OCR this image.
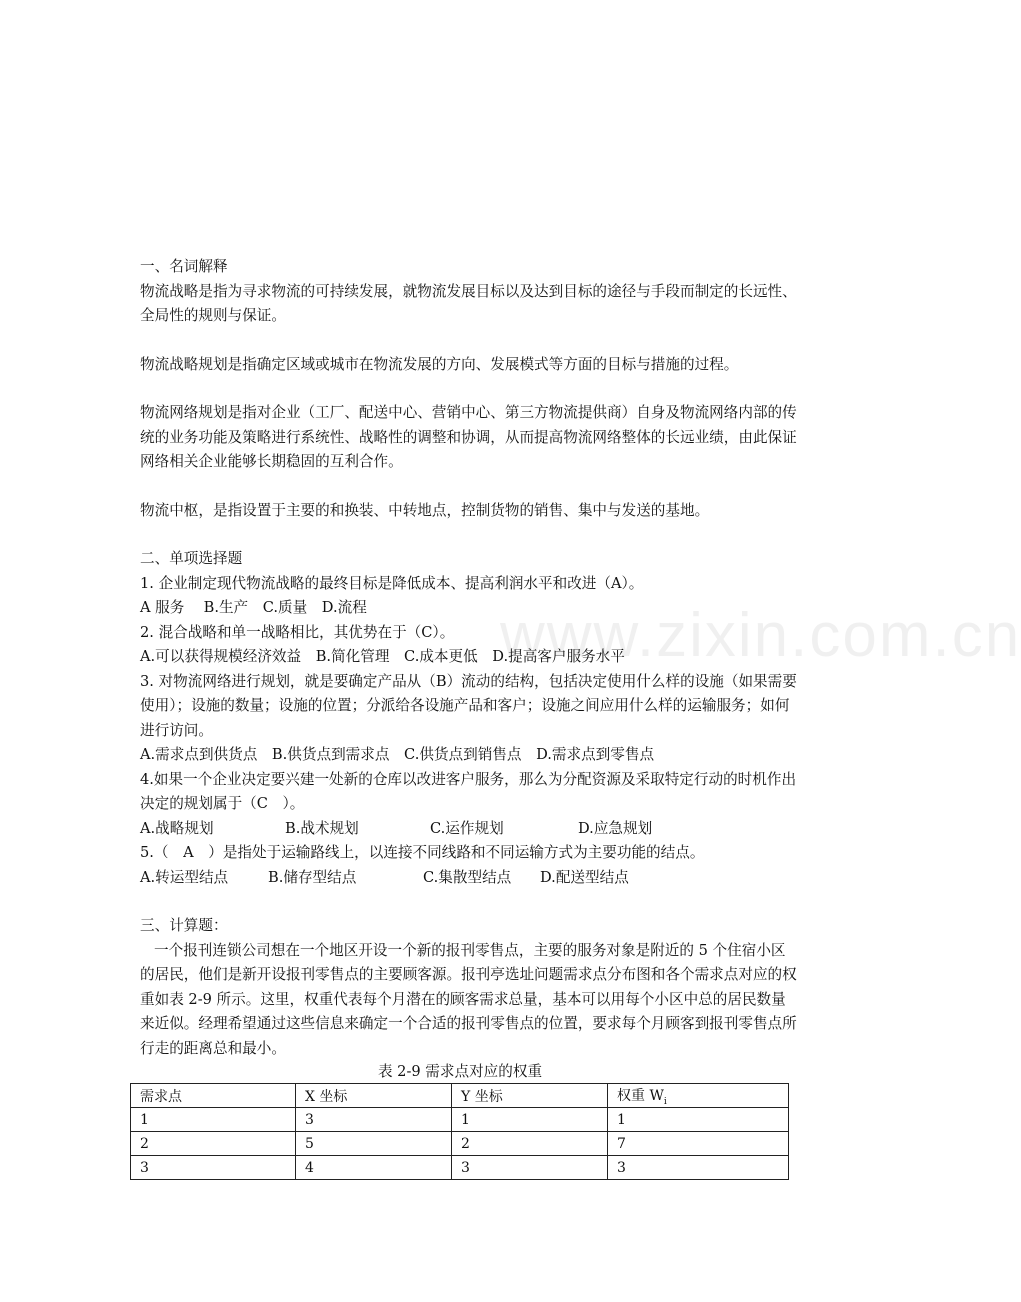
www.zixin.com.cn
一、名词解释
物流战略是指为寻求物流的可持续发展，就物流发展目标以及达到目标的途径与手段而制定的长远性、全局性的规则与保证。
物流战略规划是指确定区域或城市在物流发展的方向、发展模式等方面的目标与措施的过程。
物流网络规划是指对企业（工厂、配送中心、营销中心、第三方物流提供商）自身及物流网络内部的传统的业务功能及策略进行系统性、战略性的调整和协调，从而提高物流网络整体的长远业绩，由此保证网络相关企业能够长期稳固的互利合作。
物流中枢，是指设置于主要的和换装、中转地点，控制货物的销售、集中与发送的基地。
二、单项选择题
1. 企业制定现代物流战略的最终目标是降低成本、提高利润水平和改进（A）。
A 服务　 B.生产　C.质量　D.流程
2. 混合战略和单一战略相比，其优势在于（C）。
A.可以获得规模经济效益　B.简化管理　C.成本更低　D.提高客户服务水平
3. 对物流网络进行规划，就是要确定产品从（B）流动的结构，包括决定使用什么样的设施（如果需要使用）；设施的数量；设施的位置；分派给各设施产品和客户；设施之间应用什么样的运输服务；如何进行访问。
A.需求点到供货点　B.供货点到需求点　C.供货点到销售点　D.需求点到零售点
4.如果一个企业决定要兴建一处新的仓库以改进客户服务，那么为分配资源及采取特定行动的时机作出决定的规划属于（C　）。
A.战略规划	B.战术规划	C.运作规划	D.应急规划
5.（　A　）是指处于运输路线上，以连接不同线路和不同运输方式为主要功能的结点。
A.转运型结点	B.储存型结点	C.集散型结点	D.配送型结点
三、计算题：
一个报刊连锁公司想在一个地区开设一个新的报刊零售点，主要的服务对象是附近的 5 个住宿小区的居民，他们是新开设报刊零售点的主要顾客源。报刊亭选址问题需求点分布图和各个需求点对应的权重如表 2-9 所示。这里，权重代表每个月潜在的顾客需求总量，基本可以用每个小区中总的居民数量来近似。经理希望通过这些信息来确定一个合适的报刊零售点的位置，要求每个月顾客到报刊零售点所行走的距离总和最小。
表 2-9 需求点对应的权重
需求点	X 坐标	Y 坐标	权重 $W_i$
1	3	1	1
2	5	2	7
3	4	3	3
